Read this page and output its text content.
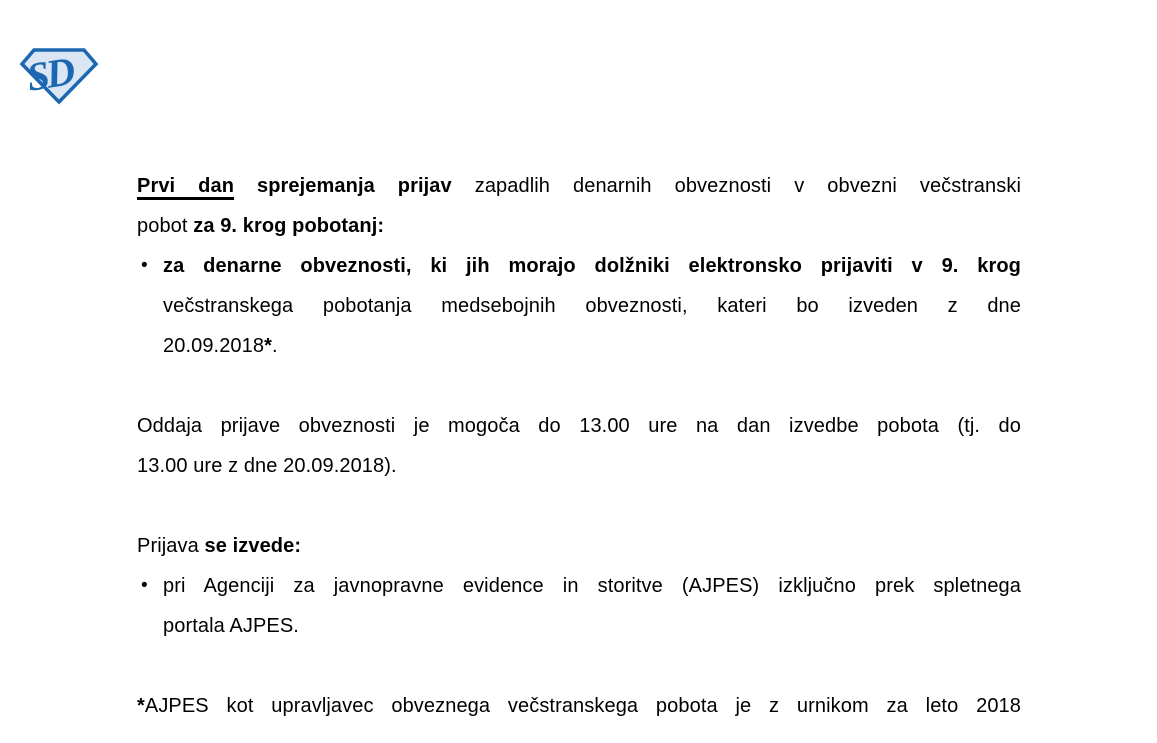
SD
Prvi dan sprejemanja prijav zapadlih denarnih obveznosti v obvezni večstranski
pobot za 9. krog pobotanj:
• za denarne obveznosti, ki jih morajo dolžniki elektronsko prijaviti v 9. krog
večstranskega pobotanja medsebojnih obveznosti, kateri bo izveden z dne
20.09.2018*.
Oddaja prijave obveznosti je mogoča do 13.00 ure na dan izvedbe pobota (tj. do
13.00 ure z dne 20.09.2018).
Prijava se izvede:
• pri Agenciji za javnopravne evidence in storitve (AJPES) izključno prek spletnega
portala AJPES.
*AJPES kot upravljavec obveznega večstranskega pobota je z urnikom za leto 2018
